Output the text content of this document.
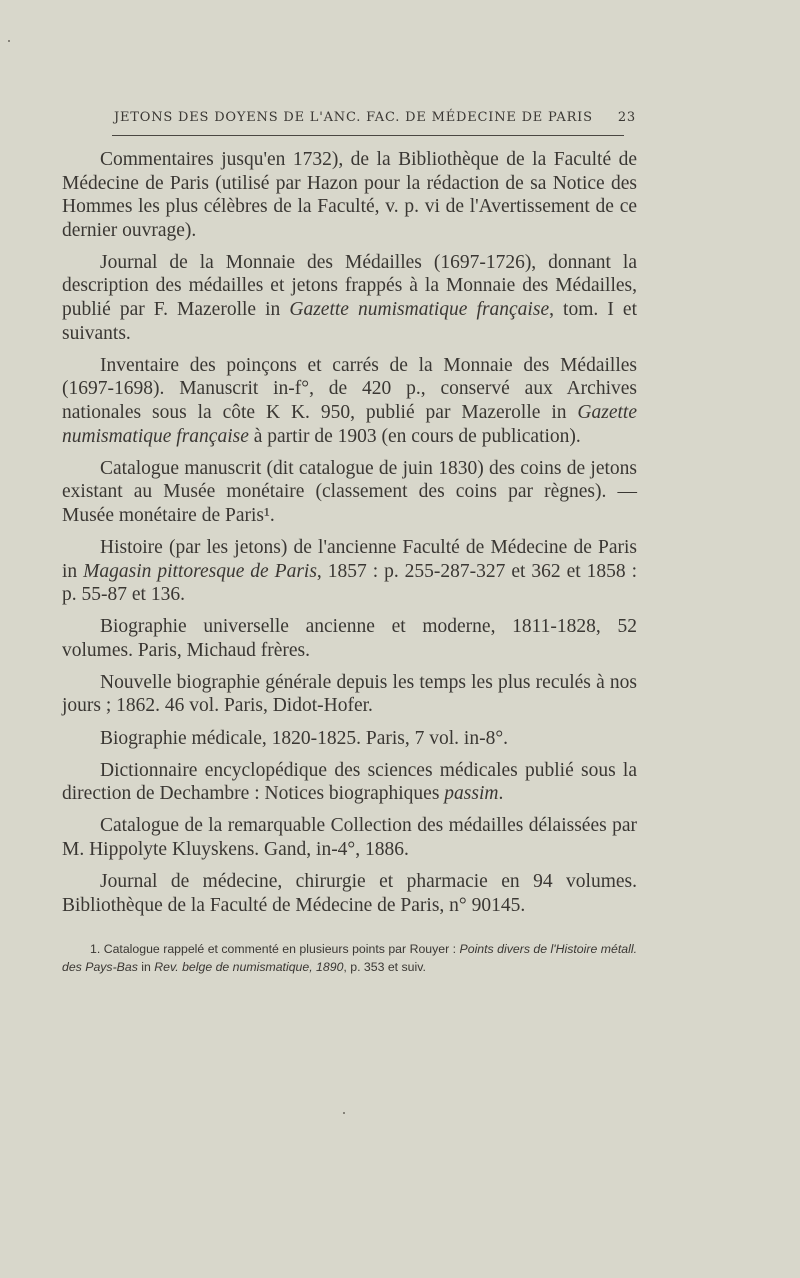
JETONS DES DOYENS DE L'ANC. FAC. DE MÉDECINE DE PARIS 23

Commentaires jusqu'en 1732), de la Bibliothèque de la Faculté de Médecine de Paris (utilisé par Hazon pour la rédaction de sa Notice des Hommes les plus célèbres de la Faculté, v. p. vi de l'Avertissement de ce dernier ouvrage).

Journal de la Monnaie des Médailles (1697-1726), donnant la description des médailles et jetons frappés à la Monnaie des Médailles, publié par F. Mazerolle in Gazette numismatique française, tom. I et suivants.

Inventaire des poinçons et carrés de la Monnaie des Médailles (1697-1698). Manuscrit in-f°, de 420 p., conservé aux Archives nationales sous la côte K K. 950, publié par Mazerolle in Gazette numismatique française à partir de 1903 (en cours de publication).

Catalogue manuscrit (dit catalogue de juin 1830) des coins de jetons existant au Musée monétaire (classement des coins par règnes). — Musée monétaire de Paris¹.

Histoire (par les jetons) de l'ancienne Faculté de Médecine de Paris in Magasin pittoresque de Paris, 1857 : p. 255-287-327 et 362 et 1858 : p. 55-87 et 136.

Biographie universelle ancienne et moderne, 1811-1828, 52 volumes. Paris, Michaud frères.

Nouvelle biographie générale depuis les temps les plus reculés à nos jours ; 1862. 46 vol. Paris, Didot-Hofer.

Biographie médicale, 1820-1825. Paris, 7 vol. in-8°.

Dictionnaire encyclopédique des sciences médicales publié sous la direction de Dechambre : Notices biographiques passim.

Catalogue de la remarquable Collection des médailles délaissées par M. Hippolyte Kluyskens. Gand, in-4°, 1886.

Journal de médecine, chirurgie et pharmacie en 94 volumes. Bibliothèque de la Faculté de Médecine de Paris, n° 90145.

1. Catalogue rappelé et commenté en plusieurs points par Rouyer : Points divers de l'Histoire métall. des Pays-Bas in Rev. belge de numismatique, 1890, p. 353 et suiv.
